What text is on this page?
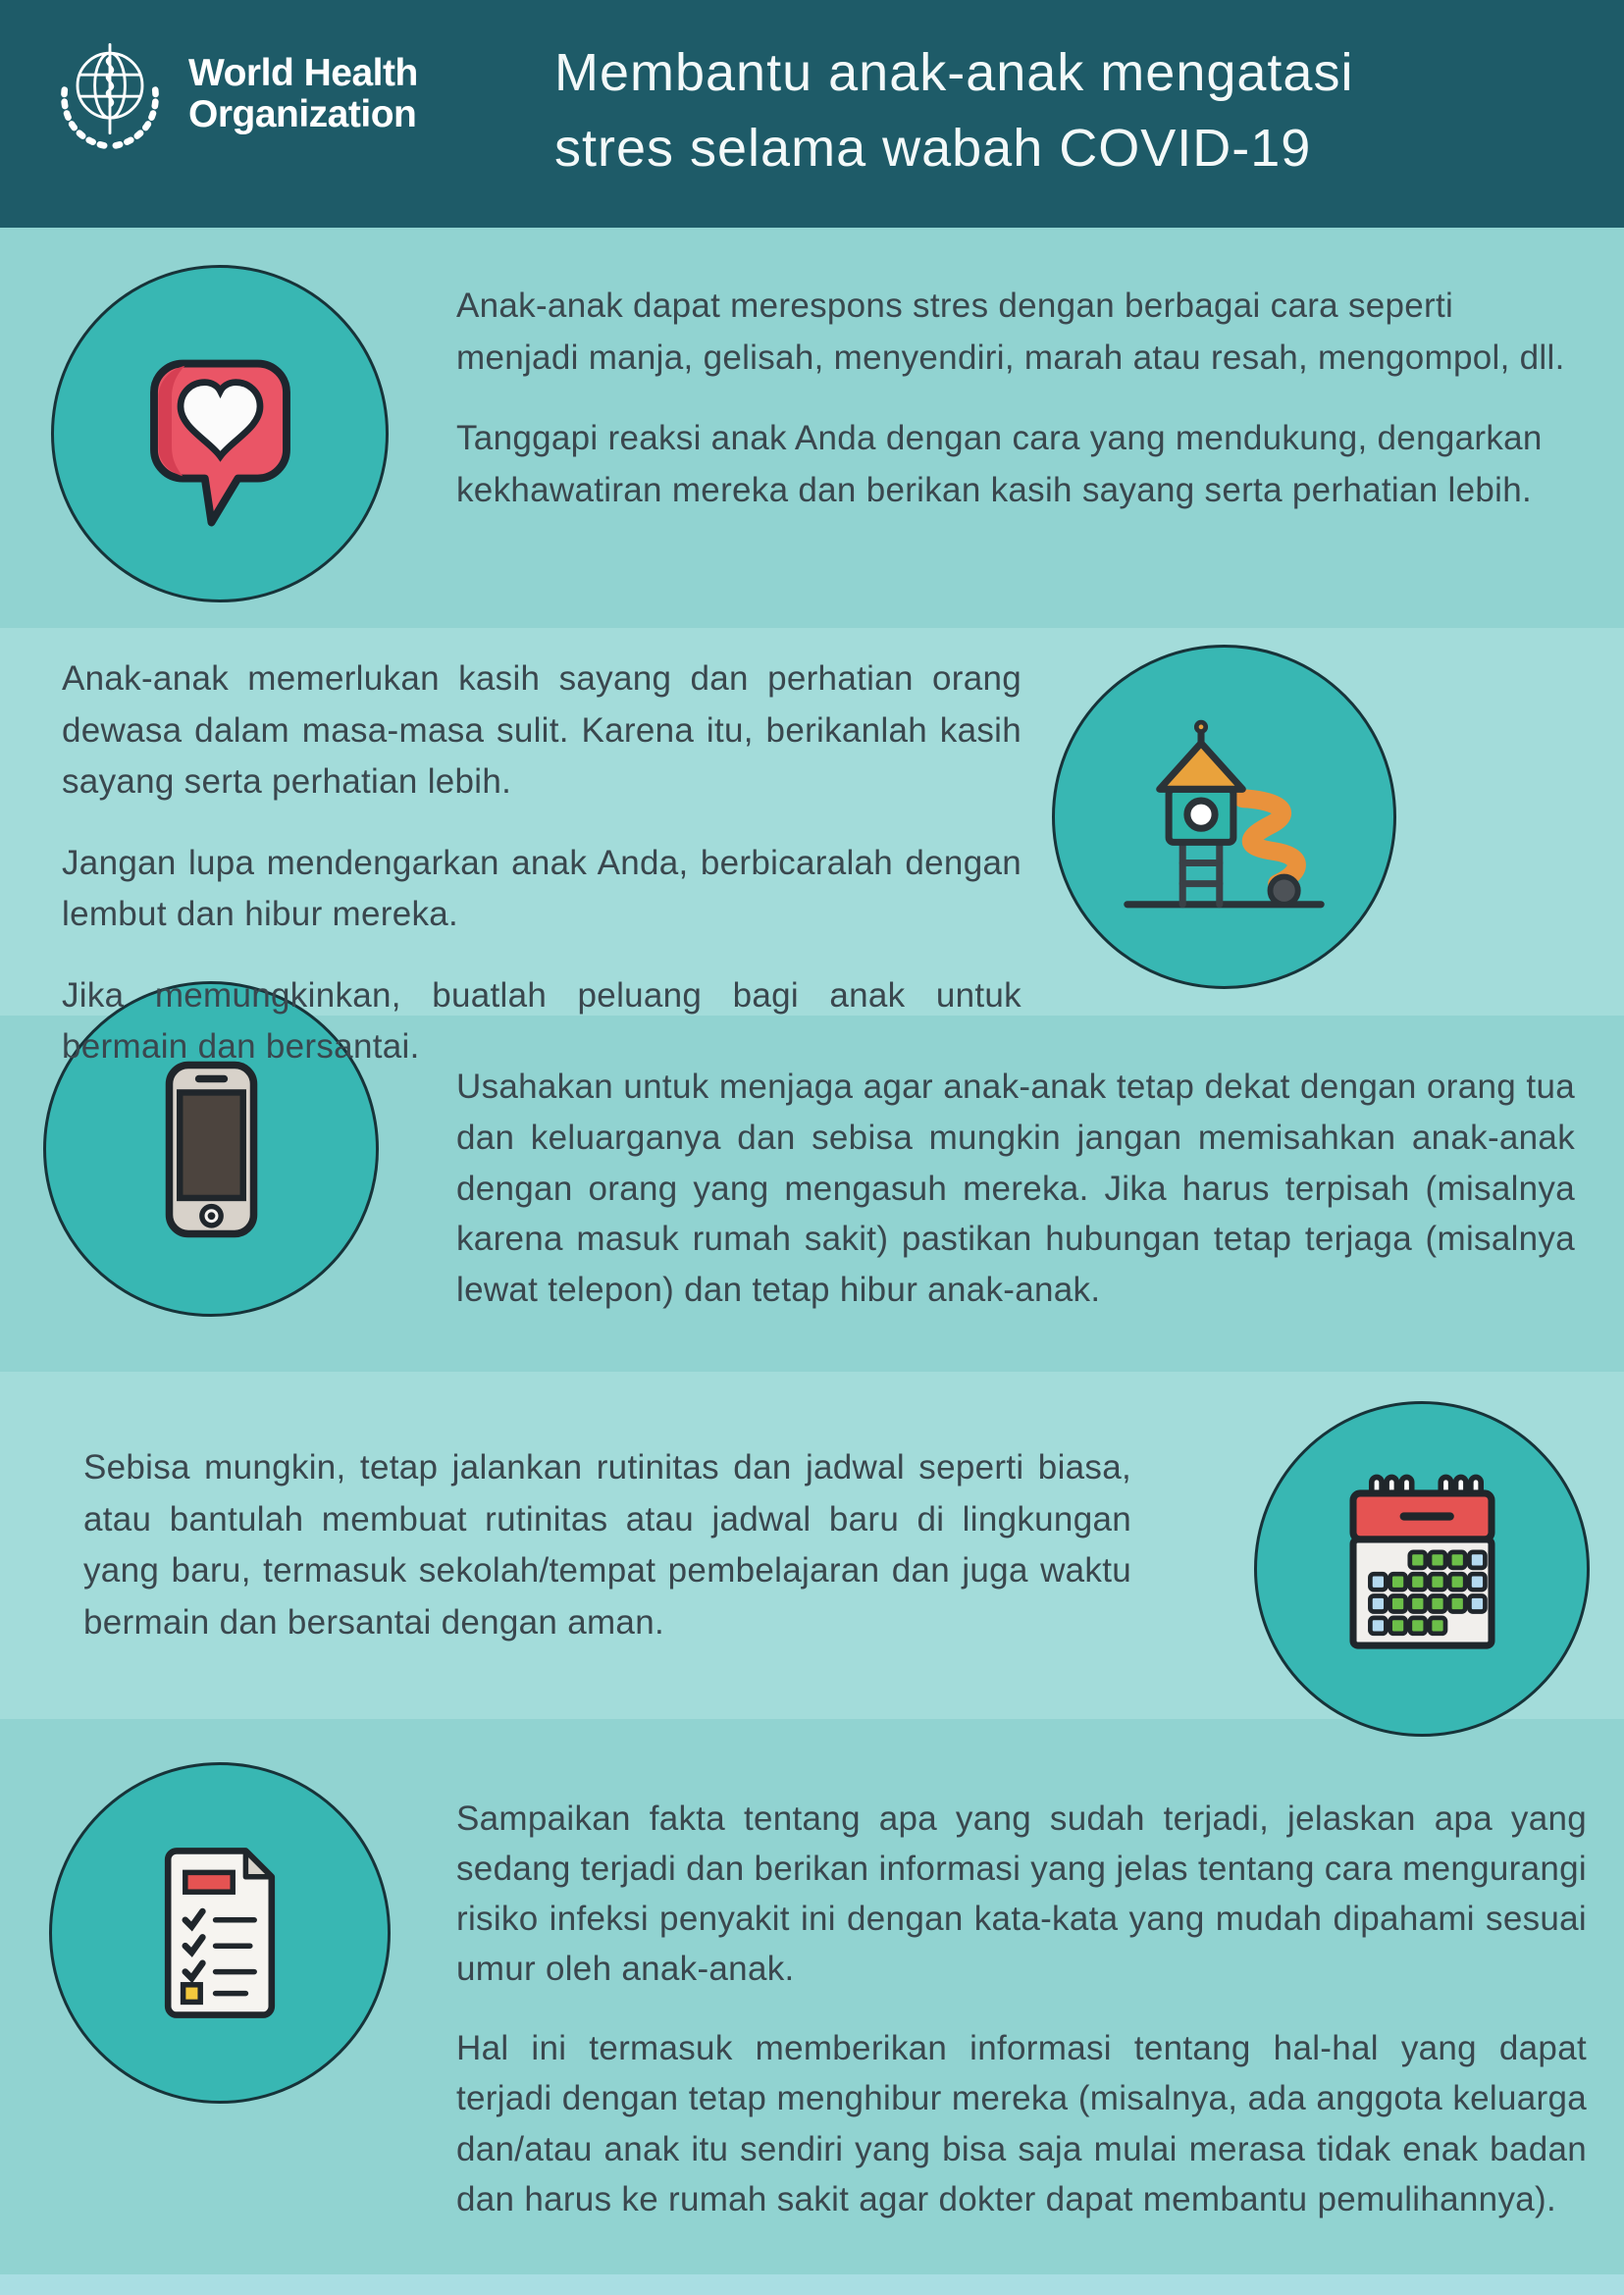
World Health
Organization
Membantu anak-anak mengatasi
stres selama wabah COVID-19

Anak-anak dapat merespons stres dengan berbagai cara seperti menjadi manja, gelisah, menyendiri, marah atau resah, mengompol, dll.

Tanggapi reaksi anak Anda dengan cara yang mendukung, dengarkan kekhawatiran mereka dan berikan kasih sayang serta perhatian lebih.

Anak-anak memerlukan kasih sayang dan perhatian orang dewasa dalam masa-masa sulit. Karena itu, berikanlah kasih sayang serta perhatian lebih.

Jangan lupa mendengarkan anak Anda, berbicaralah dengan lembut dan hibur mereka.

Jika memungkinkan, buatlah peluang bagi anak untuk bermain dan bersantai.

Usahakan untuk menjaga agar anak-anak tetap dekat dengan orang tua dan keluarganya dan sebisa mungkin jangan memisahkan anak-anak dengan orang yang mengasuh mereka. Jika harus terpisah (misalnya karena masuk rumah sakit) pastikan hubungan tetap terjaga (misalnya lewat telepon) dan tetap hibur anak-anak.

Sebisa mungkin, tetap jalankan rutinitas dan jadwal seperti biasa, atau bantulah membuat rutinitas atau jadwal baru di lingkungan yang baru, termasuk sekolah/tempat pembelajaran dan juga waktu bermain dan bersantai dengan aman.

Sampaikan fakta tentang apa yang sudah terjadi, jelaskan apa yang sedang terjadi dan berikan informasi yang jelas tentang cara mengurangi risiko infeksi penyakit ini dengan kata-kata yang mudah dipahami sesuai umur oleh anak-anak.

Hal ini termasuk memberikan informasi tentang hal-hal yang dapat terjadi dengan tetap menghibur mereka (misalnya, ada anggota keluarga dan/atau anak itu sendiri yang bisa saja mulai merasa tidak enak badan dan harus ke rumah sakit agar dokter dapat membantu pemulihannya).
